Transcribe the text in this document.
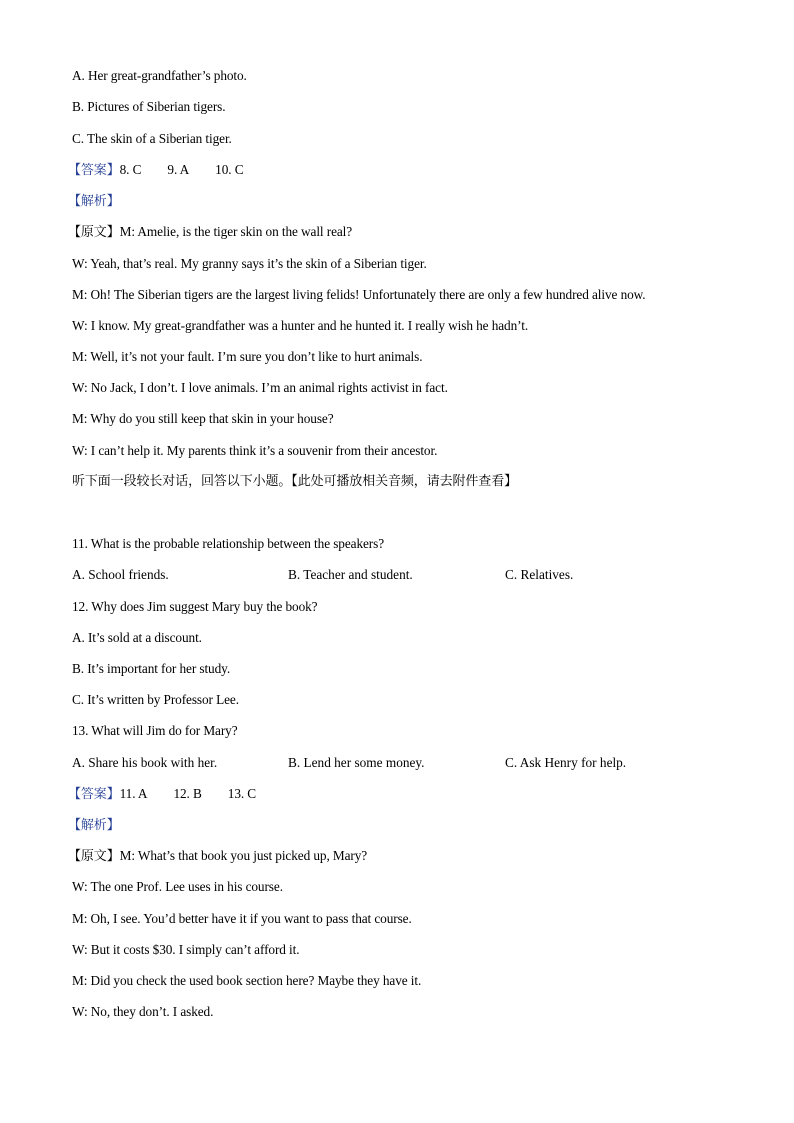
A. Her great-grandfather’s photo.
B. Pictures of Siberian tigers.
C. The skin of a Siberian tiger.
【答案】8. C 9. A 10. C
【解析】
【原文】M: Amelie, is the tiger skin on the wall real?
W: Yeah, that’s real. My granny says it’s the skin of a Siberian tiger.
M: Oh! The Siberian tigers are the largest living felids! Unfortunately there are only a few hundred alive now.
W: I know. My great-grandfather was a hunter and he hunted it. I really wish he hadn’t.
M: Well, it’s not your fault. I’m sure you don’t like to hurt animals.
W: No Jack, I don’t. I love animals. I’m an animal rights activist in fact.
M: Why do you still keep that skin in your house?
W: I can’t help it. My parents think it’s a souvenir from their ancestor.
听下面一段较长对话，回答以下小题。【此处可播放相关音频，请去附件查看】
11. What is the probable relationship between the speakers?
A. School friends.	B. Teacher and student.	C. Relatives.
12. Why does Jim suggest Mary buy the book?
A. It’s sold at a discount.
B. It’s important for her study.
C. It’s written by Professor Lee.
13. What will Jim do for Mary?
A. Share his book with her.	B. Lend her some money.	C. Ask Henry for help.
【答案】11. A 12. B 13. C
【解析】
【原文】M: What’s that book you just picked up, Mary?
W: The one Prof. Lee uses in his course.
M: Oh, I see. You’d better have it if you want to pass that course.
W: But it costs $30. I simply can’t afford it.
M: Did you check the used book section here? Maybe they have it.
W: No, they don’t. I asked.
